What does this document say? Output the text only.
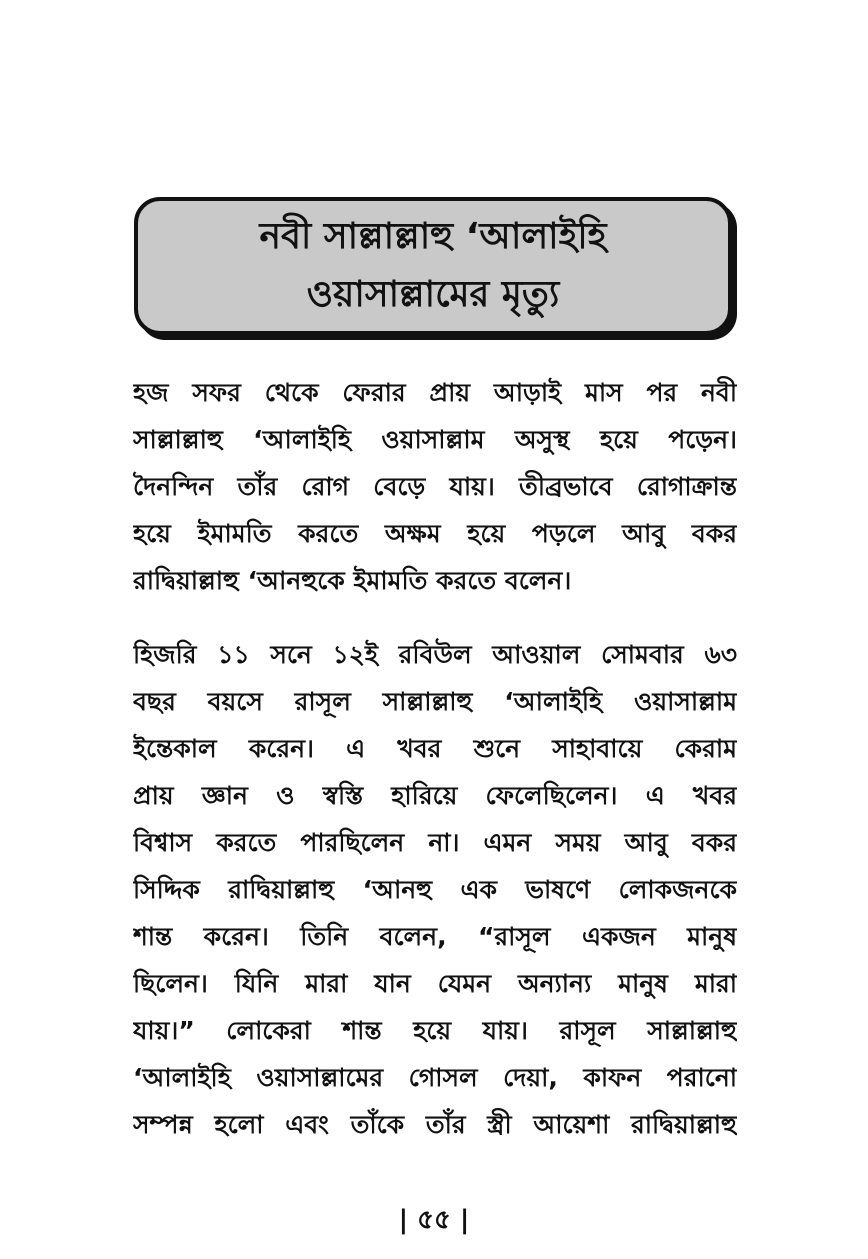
নবী সাল্লাল্লাহু ‘আলাইহি
ওয়াসাল্লামের মৃত্যু
হজ সফর থেকে ফেরার প্রায় আড়াই মাস পর নবী
সাল্লাল্লাহু ‘আলাইহি ওয়াসাল্লাম অসুস্থ হয়ে পড়েন।
দৈনন্দিন তাঁর রোগ বেড়ে যায়। তীব্রভাবে রোগাক্রান্ত
হয়ে ইমামতি করতে অক্ষম হয়ে পড়লে আবু বকর
রাদ্বিয়াল্লাহু ‘আনহুকে ইমামতি করতে বলেন।
হিজরি ১১ সনে ১২ই রবিউল আওয়াল সোমবার ৬৩
বছর বয়সে রাসূল সাল্লাল্লাহু ‘আলাইহি ওয়াসাল্লাম
ইন্তেকাল করেন। এ খবর শুনে সাহাবায়ে কেরাম
প্রায় জ্ঞান ও স্বস্তি হারিয়ে ফেলেছিলেন। এ খবর
বিশ্বাস করতে পারছিলেন না। এমন সময় আবু বকর
সিদ্দিক রাদ্বিয়াল্লাহু ‘আনহু এক ভাষণে লোকজনকে
শান্ত করেন। তিনি বলেন, “রাসূল একজন মানুষ
ছিলেন। যিনি মারা যান যেমন অন্যান্য মানুষ মারা
যায়।” লোকেরা শান্ত হয়ে যায়। রাসূল সাল্লাল্লাহু
‘আলাইহি ওয়াসাল্লামের গোসল দেয়া, কাফন পরানো
সম্পন্ন হলো এবং তাঁকে তাঁর স্ত্রী আয়েশা রাদ্বিয়াল্লাহু
| ৫৫ |
